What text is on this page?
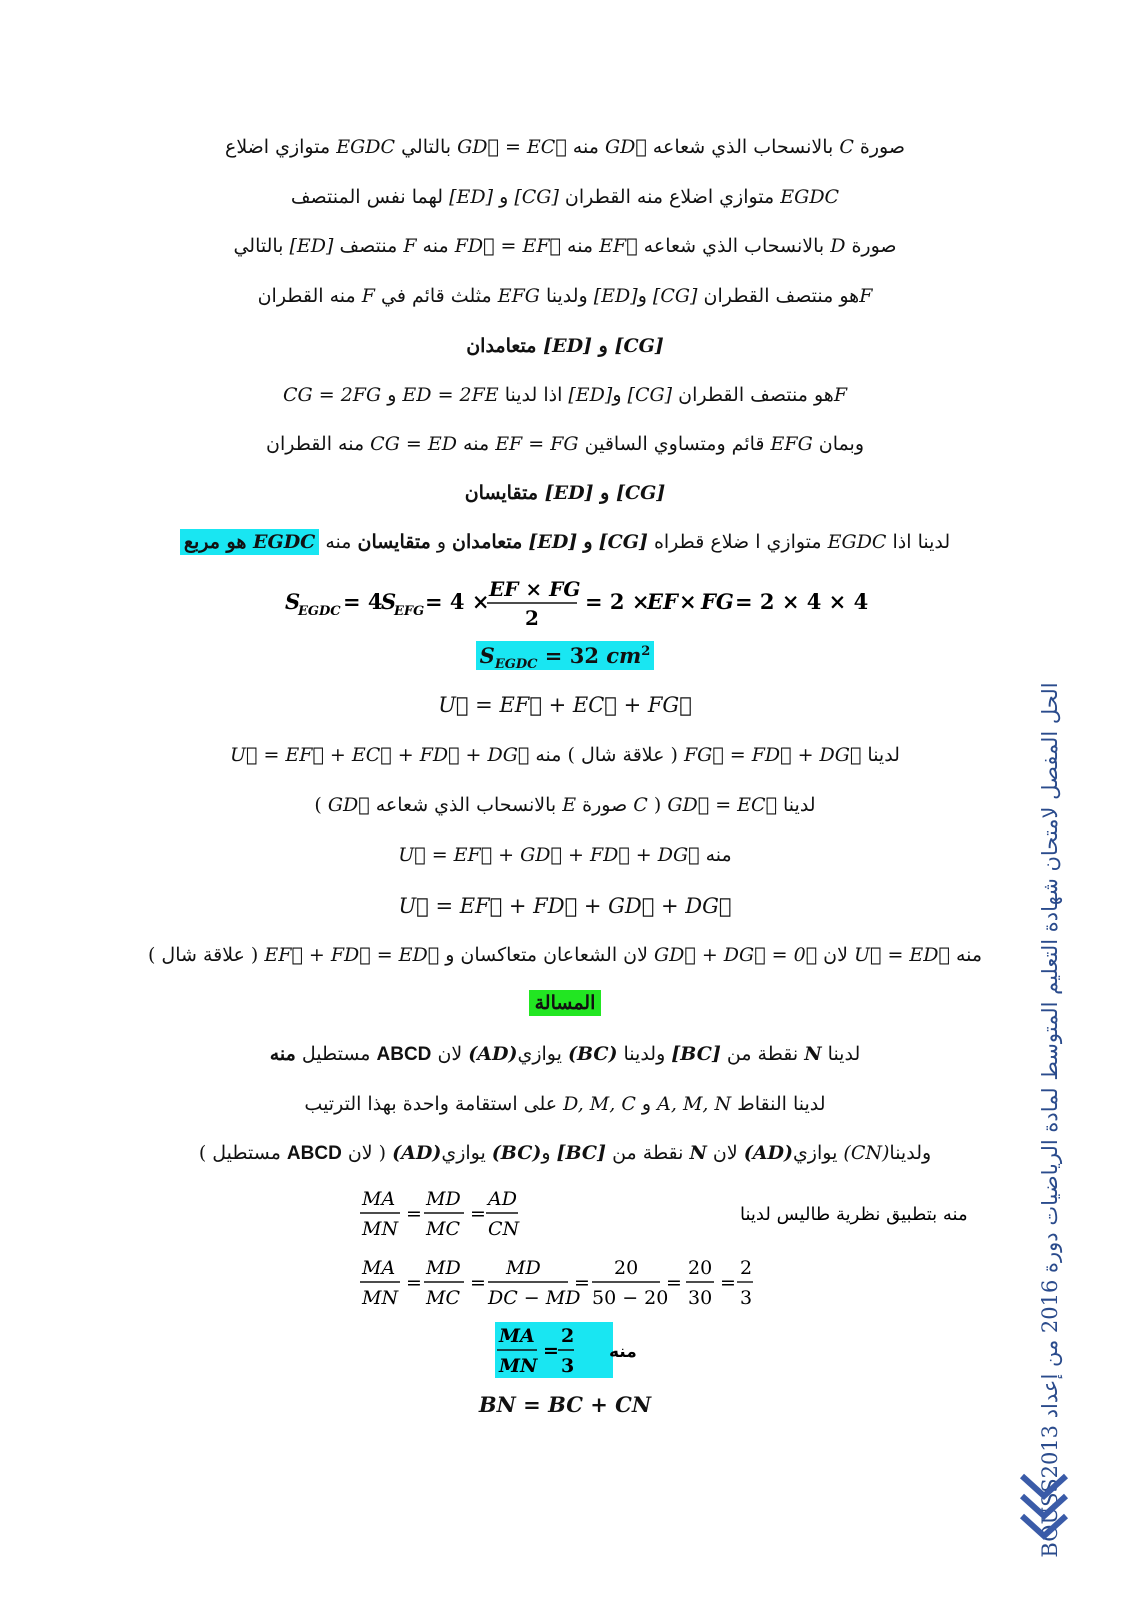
صورة C بالانسحاب الذي شعاعه GD⃗ منه GD⃗ = EC⃗ بالتالي EGDC متوازي اضلاع
EGDC متوازي اضلاع منه القطران [CG] و [ED] لهما نفس المنتصف
صورة D بالانسحاب الذي شعاعه EF⃗ منه FD⃗ = EF⃗ منه F منتصف [ED] بالتالي
Fهو منتصف القطران [CG] و[ED] ولدينا EFG مثلث قائم في F منه القطران
[CG] و [ED] متعامدان
Fهو منتصف القطران [CG] و[ED] اذا لدينا ED = 2FE و CG = 2FG
وبمان EFG قائم ومتساوي الساقين EF = FG منه CG = ED منه القطران
[CG] و [ED] متقايسان
لدينا اذا EGDC متوازي ا ضلاع قطراه [CG] و [ED] متعامدان و متقايسان منه EGDC هو مربع
S
EGDC = 4
S
EFG = 4 × EF × FG
2
= 2 ×
EF × FG = 2 × 4 × 4
$S_{EGDC} = 32$ $cm^2$
U⃗ = EF⃗ + EC⃗ + FG⃗
لدينا FG⃗ = FD⃗ + DG⃗ ( علاقة شال ) منه U⃗ = EF⃗ + EC⃗ + FD⃗ + DG⃗
لدينا GD⃗ = EC⃗ ( C صورة E بالانسحاب الذي شعاعه GD⃗ )
منه U⃗ = EF⃗ + GD⃗ + FD⃗ + DG⃗
U⃗ = EF⃗ + FD⃗ + GD⃗ + DG⃗
منه U⃗ = ED⃗ لان GD⃗ + DG⃗ = 0⃗ لان الشعاعان متعاكسان و EF⃗ + FD⃗ = ED⃗ ( علاقة شال )
المسالة
لدينا N نقطة من [BC] ولدينا (BC) يوازي(AD) لان ABCD مستطيل منه
لدينا النقاط A, M, N و D, M, C على استقامة واحدة بهذا الترتيب
ولدينا(CN) يوازي(AD) لان N نقطة من [BC] و(BC) يوازي(AD) ( لان ABCD مستطيل )
MA
MN
=
MD
MC
=
AD
CN
منه بتطبيق نظرية طاليس لدينا
MA
MN
=
MD
MC
=
MD
DC − MD
=
20
50 − 20
=
20
30
=
2
3
MA
MN
=
2
3
منه
BN = BC + CN
BOUSS2013 الحل المفصل لامتحان شهادة التعليم المتوسط لمادة الرياضيات دورة 2016 من إعداد
